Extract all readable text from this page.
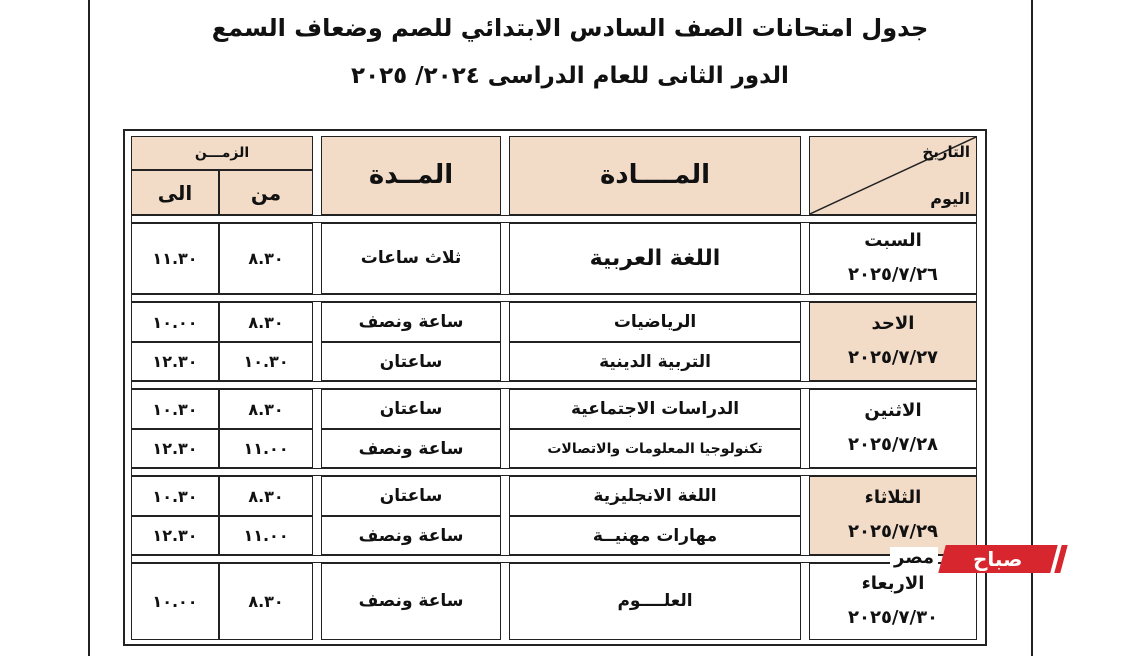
جدول امتحانات الصف السادس الابتدائي للصم وضعاف السمع
الدور الثانى للعام الدراسى ٢٠٢٤/ ٢٠٢٥
الزمـــن			المــدة		المــــادة		التاريخ
اليوم

الى	من						

١١.٣٠	٨.٣٠		ثلاث ساعات		اللغة العربية		السبت
٢٠٢٥/٧/٢٦

١٠.٠٠	٨.٣٠		ساعة ونصف		الرياضيات		الاحد
٢٠٢٥/٧/٢٧

١٢.٣٠	١٠.٣٠		ساعتان		التربية الدينية		

١٠.٣٠	٨.٣٠		ساعتان		الدراسات الاجتماعية		الاثنين
٢٠٢٥/٧/٢٨

١٢.٣٠	١١.٠٠		ساعة ونصف		تكنولوجيا المعلومات والاتصالات		

١٠.٣٠	٨.٣٠		ساعتان		اللغة الانجليزية		الثلاثاء
٢٠٢٥/٧/٢٩

١٢.٣٠	١١.٠٠		ساعة ونصف		مهارات مهنيــة		

١٠.٠٠	٨.٣٠		ساعة ونصف		العلــــوم		الاربعاء
٢٠٢٥/٧/٣٠
صباح
مصر
